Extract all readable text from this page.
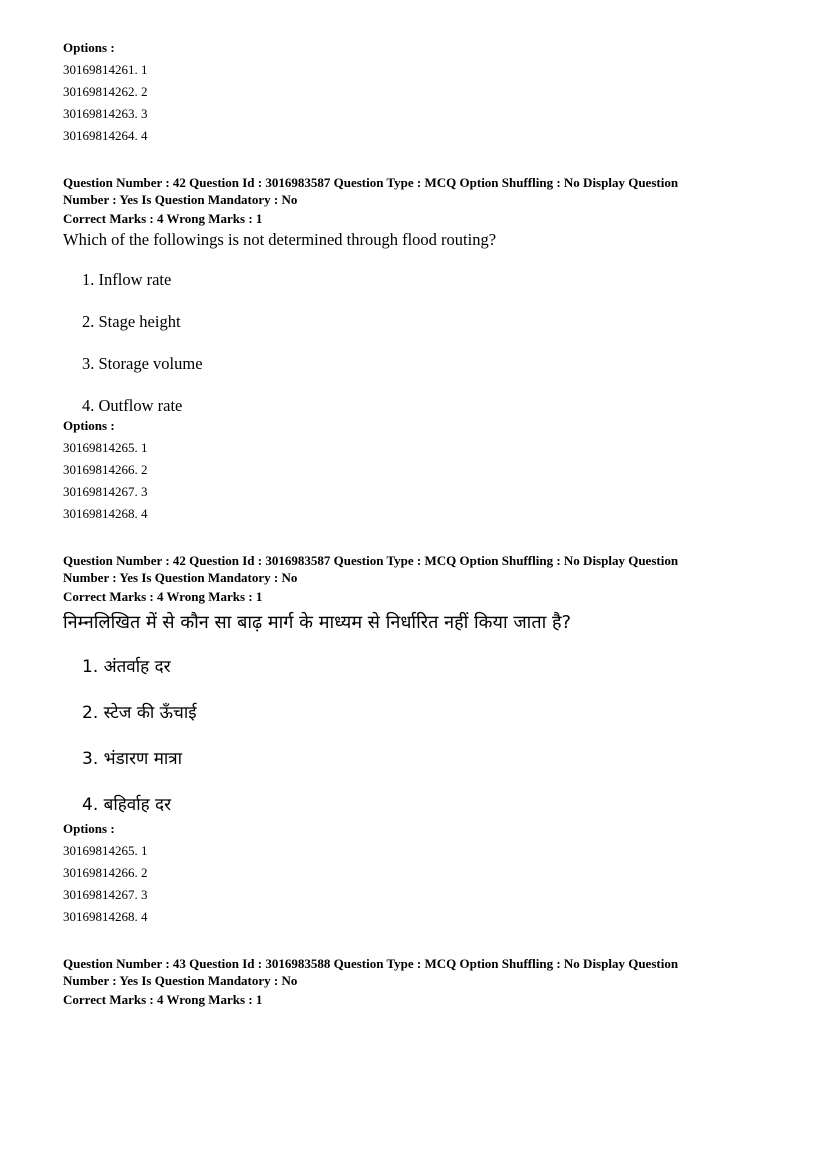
Options :
30169814261. 1
30169814262. 2
30169814263. 3
30169814264. 4
Question Number : 42 Question Id : 3016983587 Question Type : MCQ Option Shuffling : No Display Question
Number : Yes Is Question Mandatory : No
Correct Marks : 4 Wrong Marks : 1
Which of the followings is not determined through flood routing?
1. Inflow rate
2. Stage height
3. Storage volume
4. Outflow rate
Options :
30169814265. 1
30169814266. 2
30169814267. 3
30169814268. 4
Question Number : 42 Question Id : 3016983587 Question Type : MCQ Option Shuffling : No Display Question
Number : Yes Is Question Mandatory : No
Correct Marks : 4 Wrong Marks : 1
निम्नलिखित में से कौन सा बाढ़ मार्ग के माध्यम से निर्धारित नहीं किया जाता है?
1. अंतर्वाह दर
2. स्टेज की ऊँचाई
3. भंडारण मात्रा
4. बहिर्वाह दर
Options :
30169814265. 1
30169814266. 2
30169814267. 3
30169814268. 4
Question Number : 43 Question Id : 3016983588 Question Type : MCQ Option Shuffling : No Display Question
Number : Yes Is Question Mandatory : No
Correct Marks : 4 Wrong Marks : 1
